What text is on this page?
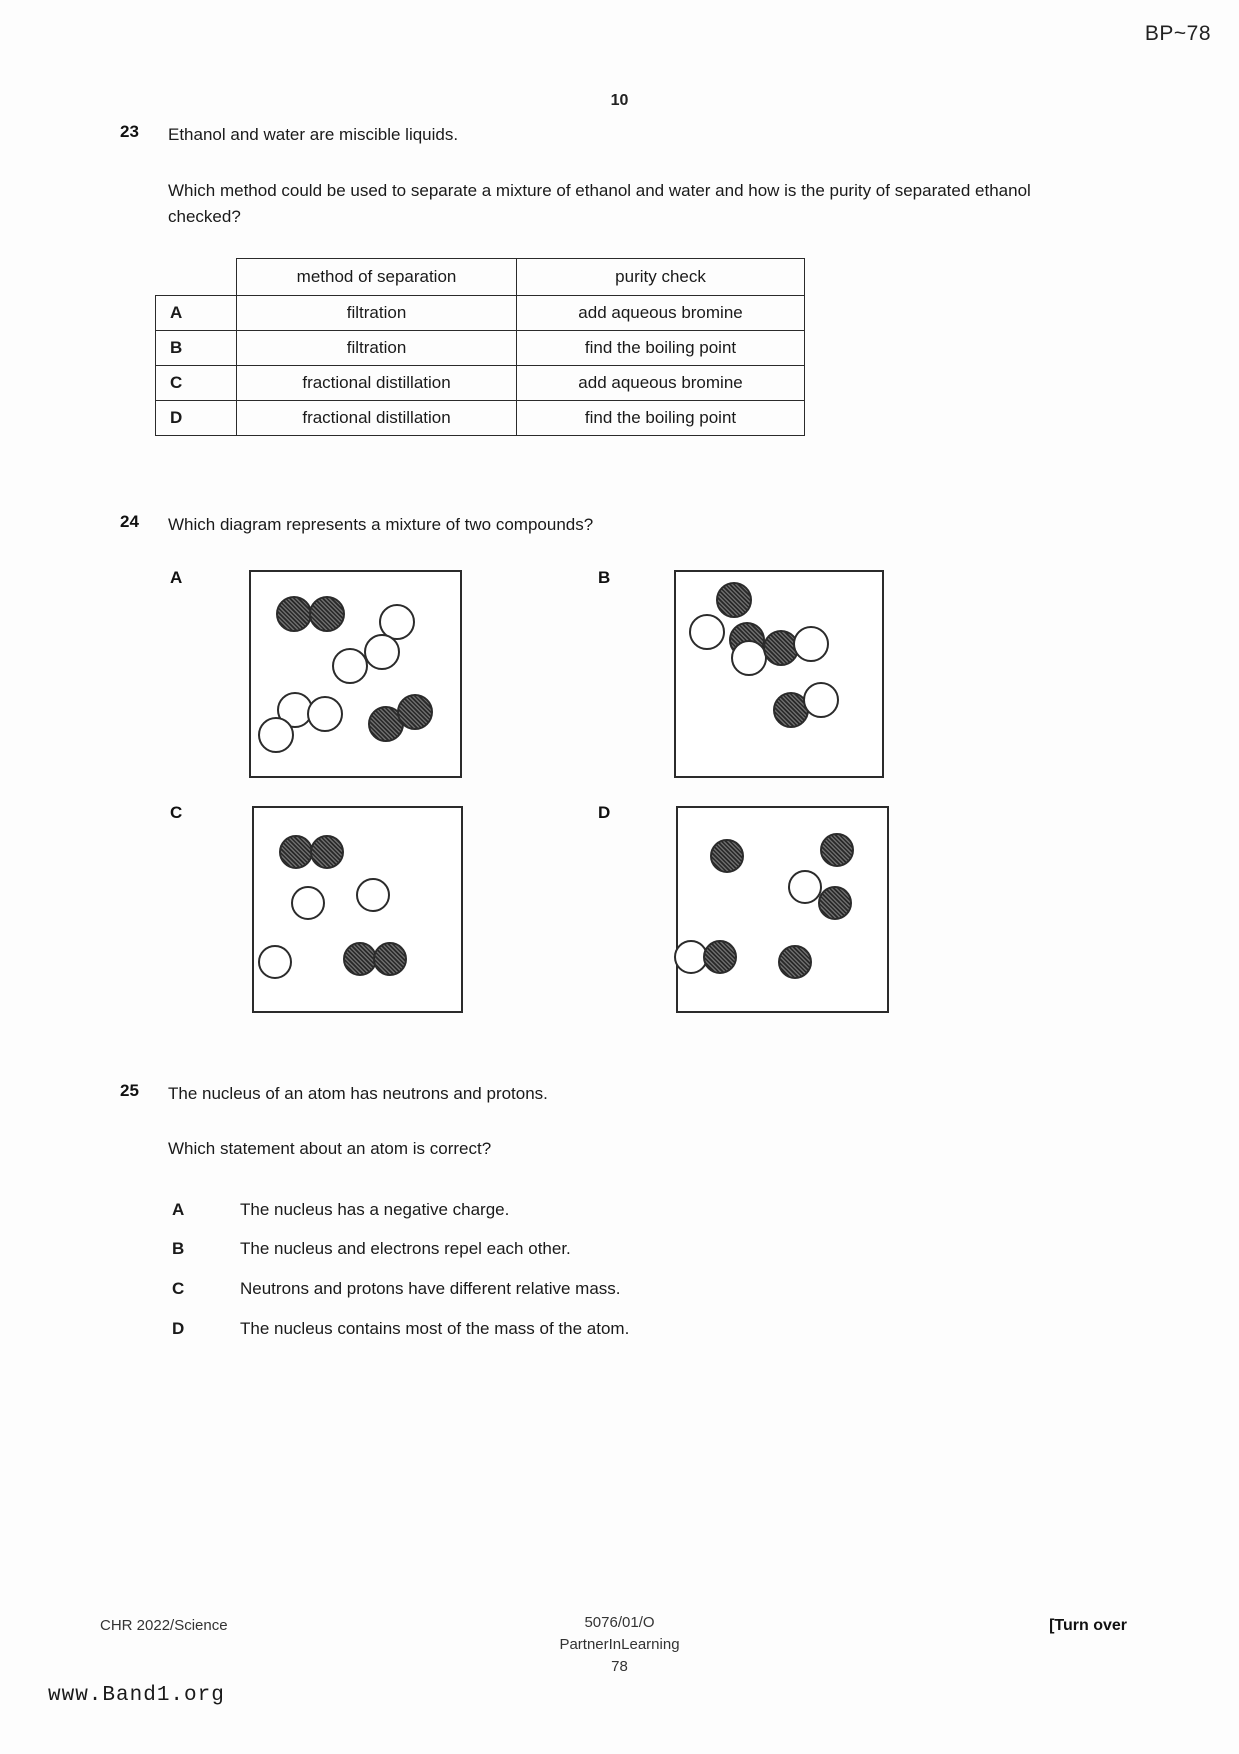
BP~78
10
23 Ethanol and water are miscible liquids.
Which method could be used to separate a mixture of ethanol and water and how is the purity of separated ethanol checked?
	method of separation	purity check
A	filtration	add aqueous bromine
B	filtration	find the boiling point
C	fractional distillation	add aqueous bromine
D	fractional distillation	find the boiling point
24 Which diagram represents a mixture of two compounds?
A	B
C	D
25 The nucleus of an atom has neutrons and protons.
Which statement about an atom is correct?
A	The nucleus has a negative charge.
B	The nucleus and electrons repel each other.
C	Neutrons and protons have different relative mass.
D	The nucleus contains most of the mass of the atom.
CHR 2022/Science	5076/01/O
PartnerInLearning
78
[Turn over
www.Band1.org
